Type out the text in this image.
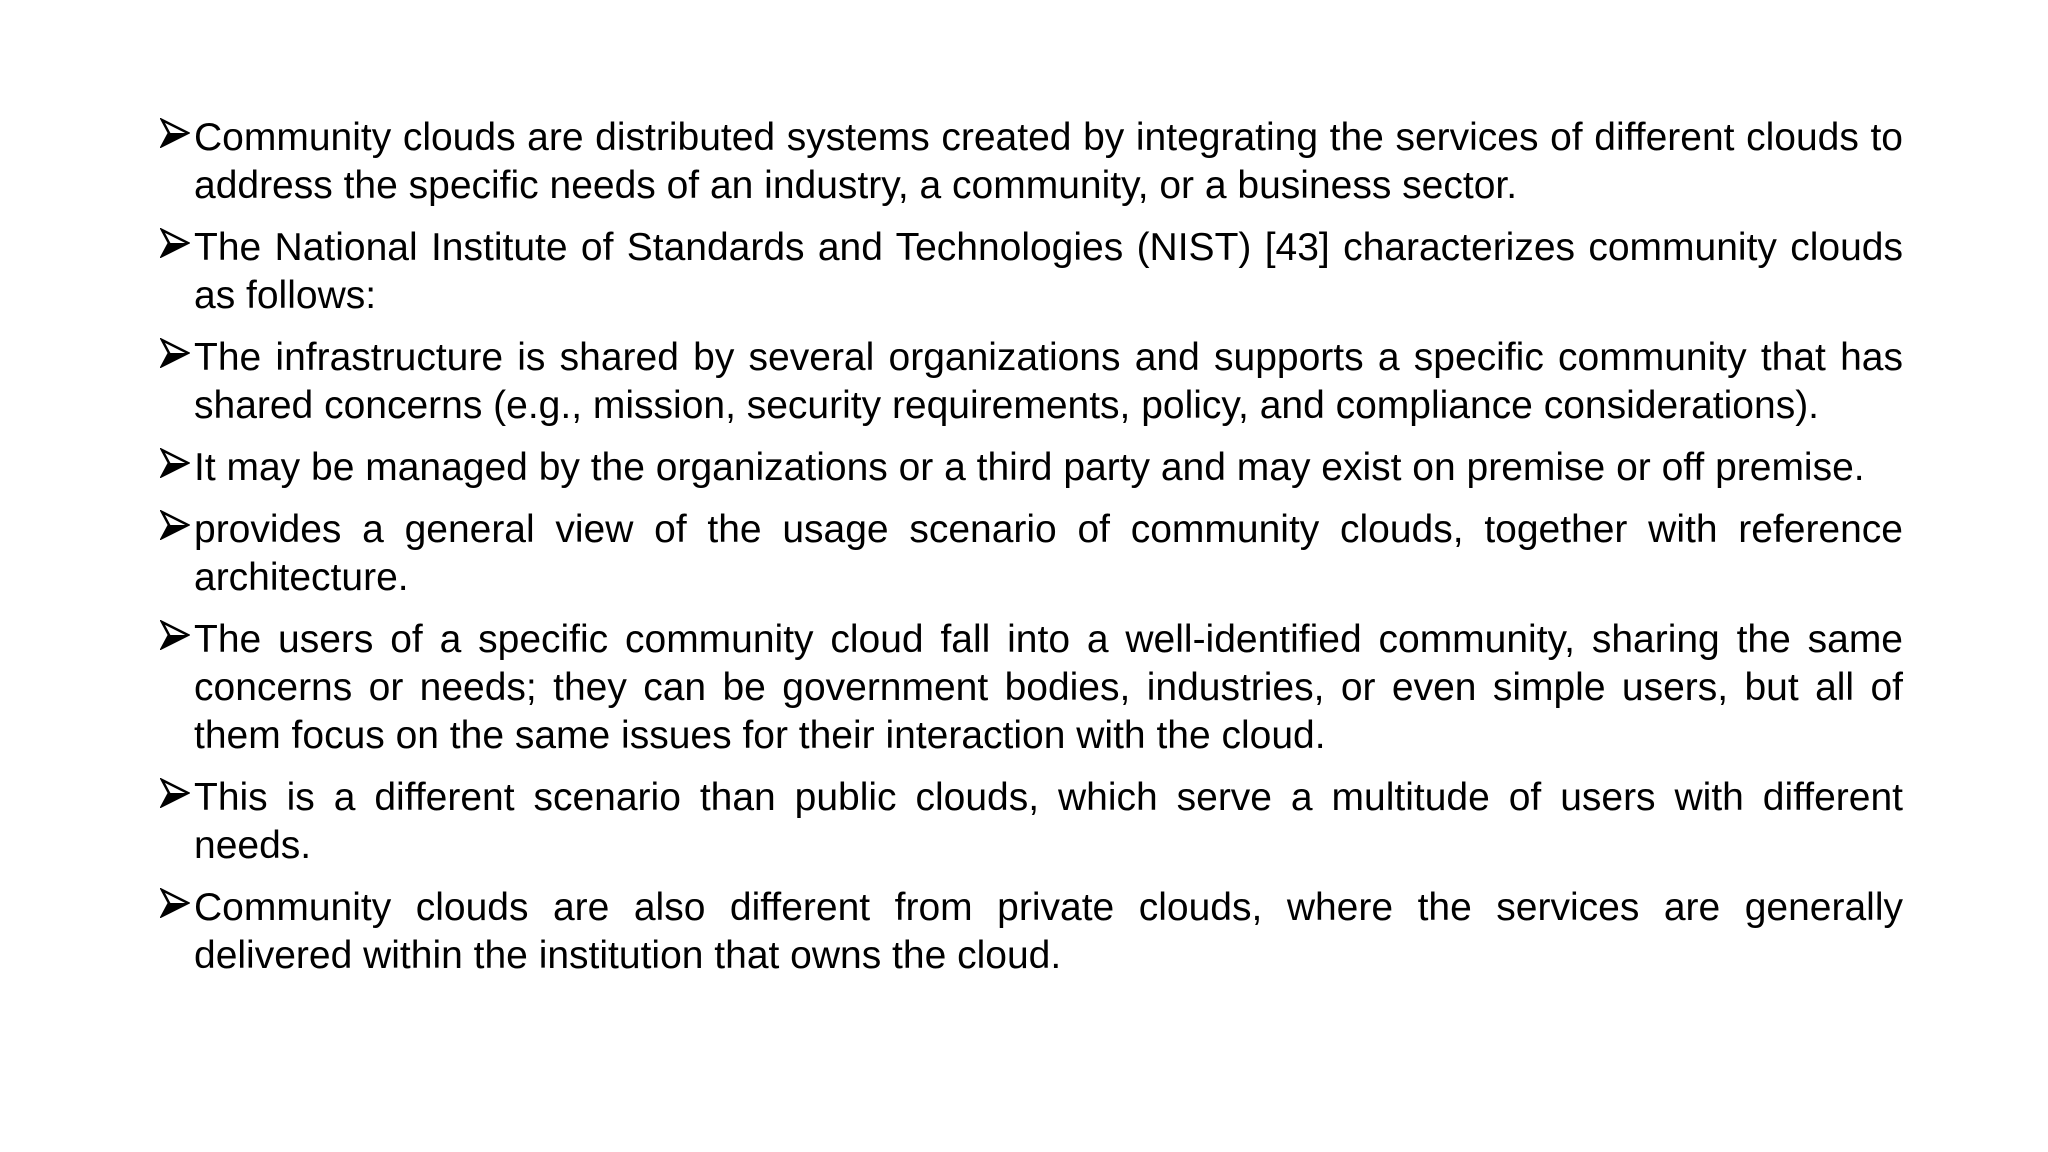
Community clouds are distributed systems created by integrating the services of different clouds to address the specific needs of an industry, a community, or a business sector.
The National Institute of Standards and Technologies (NIST) [43] characterizes community clouds as follows:
The infrastructure is shared by several organizations and supports a specific community that has shared concerns (e.g., mission, security requirements, policy, and compliance considerations).
It may be managed by the organizations or a third party and may exist on premise or off premise.
provides a general view of the usage scenario of community clouds, together with reference architecture.
The users of a specific community cloud fall into a well-identified community, sharing the same concerns or needs; they can be government bodies, industries, or even simple users, but all of them focus on the same issues for their interaction with the cloud.
This is a different scenario than public clouds, which serve a multitude of users with different needs.
Community clouds are also different from private clouds, where the services are generally delivered within the institution that owns the cloud.
